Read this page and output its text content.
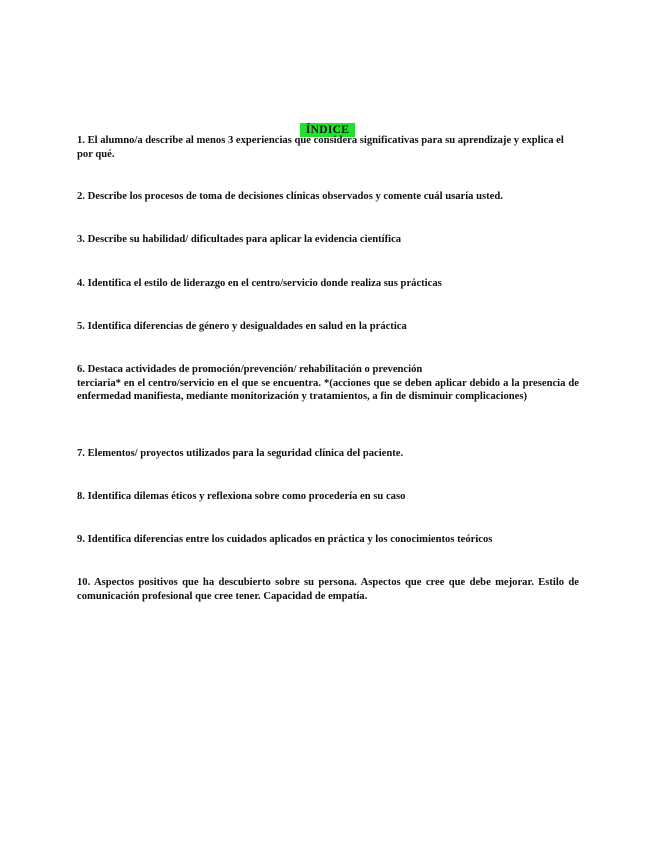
ÍNDICE

1. El alumno/a describe al menos 3 experiencias que considera significativas para su aprendizaje y explica el por qué.

2. Describe los procesos de toma de decisiones clínicas observados y comente cuál usaría usted.

3. Describe su habilidad/ dificultades para aplicar la evidencia científica

4. Identifica el estilo de liderazgo en el centro/servicio donde realiza sus prácticas

5. Identifica diferencias de género y desigualdades en salud en la práctica

6. Destaca actividades de promoción/prevención/ rehabilitación o prevención
terciaria* en el centro/servicio en el que se encuentra. *(acciones que se deben aplicar debido a la presencia de enfermedad manifiesta, mediante monitorización y tratamientos, a fin de disminuir complicaciones)

7. Elementos/ proyectos utilizados para la seguridad clínica del paciente.

8. Identifica dilemas éticos y reflexiona sobre como procedería en su caso

9. Identifica diferencias entre los cuidados aplicados en práctica y los conocimientos teóricos

10. Aspectos positivos que ha descubierto sobre su persona. Aspectos que cree que debe mejorar. Estilo de comunicación profesional que cree tener. Capacidad de empatía.
